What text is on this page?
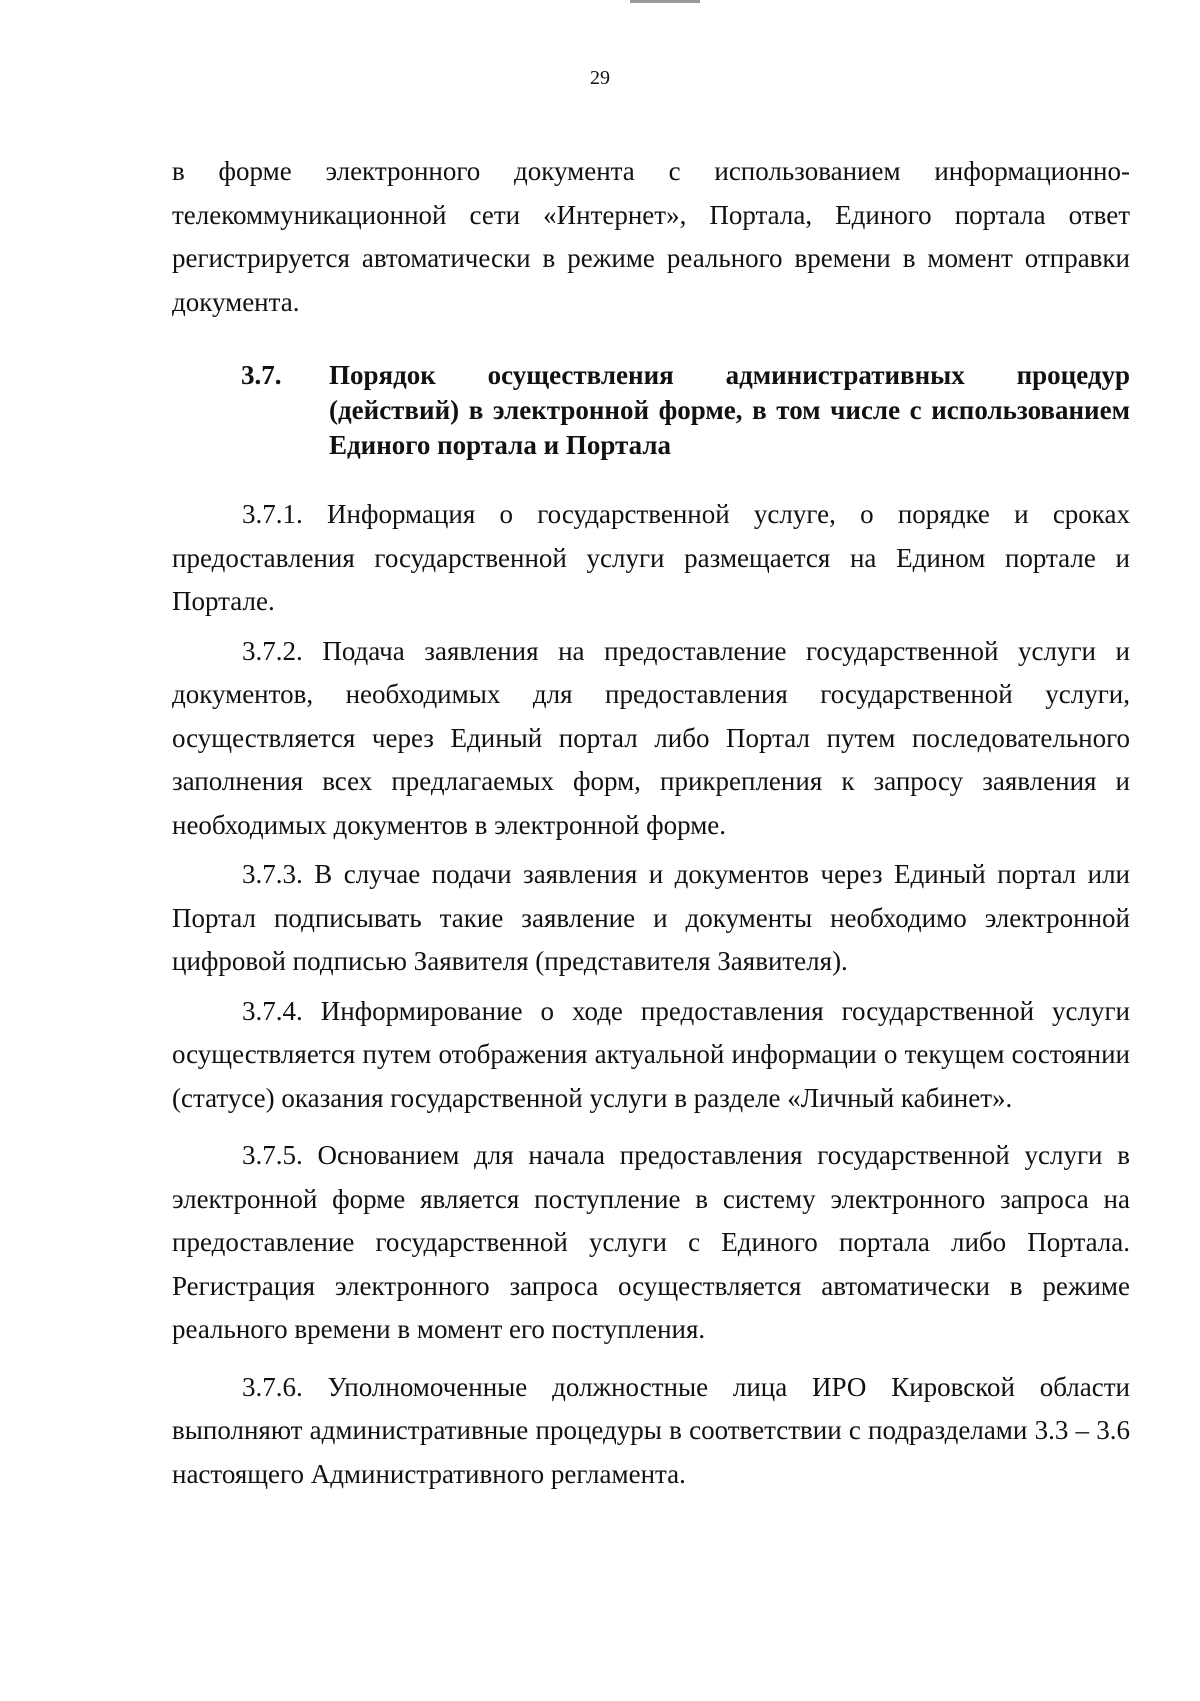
29

в форме электронного документа с использованием информационно-телекоммуникационной сети «Интернет», Портала, Единого портала ответ регистрируется автоматически в режиме реального времени в момент отправки документа.

3.7. Порядок осуществления административных процедур (действий) в электронной форме, в том числе с использованием Единого портала и Портала

3.7.1. Информация о государственной услуге, о порядке и сроках предоставления государственной услуги размещается на Едином портале и Портале.

3.7.2. Подача заявления на предоставление государственной услуги и документов, необходимых для предоставления государственной услуги, осуществляется через Единый портал либо Портал путем последовательного заполнения всех предлагаемых форм, прикрепления к запросу заявления и необходимых документов в электронной форме.

3.7.3. В случае подачи заявления и документов через Единый портал или Портал подписывать такие заявление и документы необходимо электронной цифровой подписью Заявителя (представителя Заявителя).

3.7.4. Информирование о ходе предоставления государственной услуги осуществляется путем отображения актуальной информации о текущем состоянии (статусе) оказания государственной услуги в разделе «Личный кабинет».

3.7.5. Основанием для начала предоставления государственной услуги в электронной форме является поступление в систему электронного запроса на предоставление государственной услуги с Единого портала либо Портала. Регистрация электронного запроса осуществляется автоматически в режиме реального времени в момент его поступления.

3.7.6. Уполномоченные должностные лица ИРО Кировской области выполняют административные процедуры в соответствии с подразделами 3.3 – 3.6 настоящего Административного регламента.
